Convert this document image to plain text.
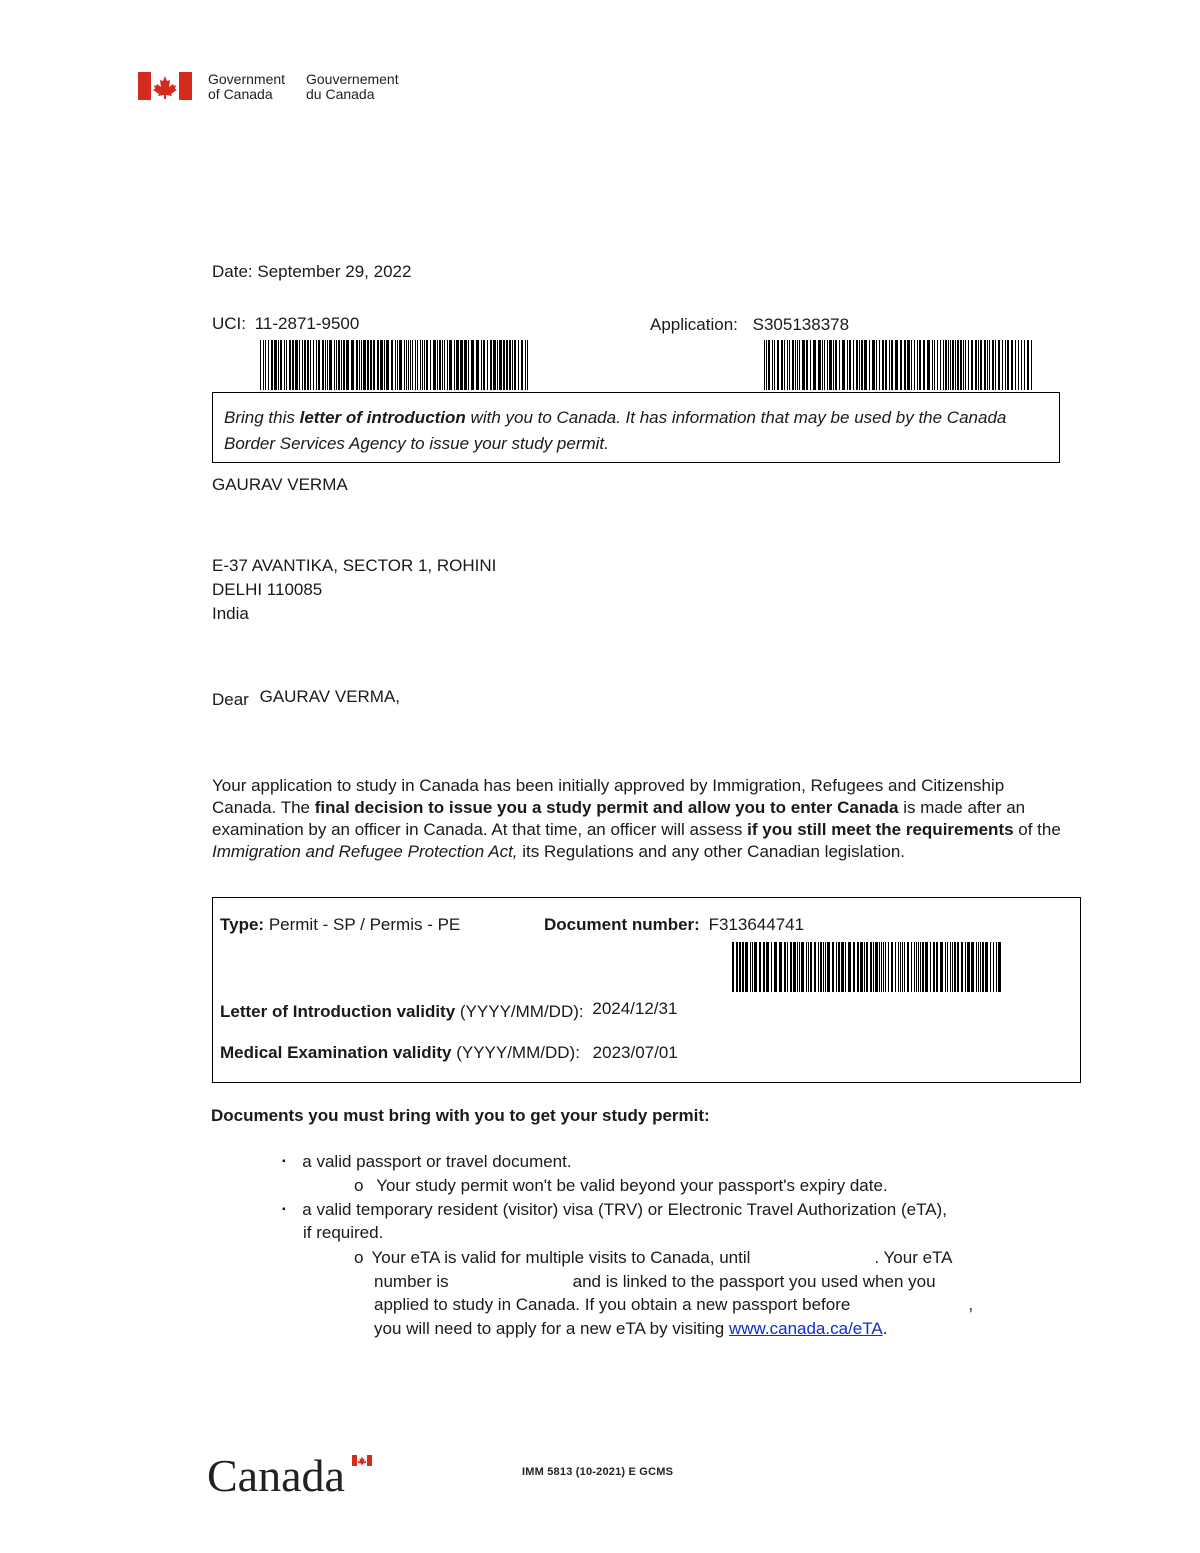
Government
of Canada
Gouvernement
du Canada
Date: September 29, 2022
UCI: 11-2871-9500	Application: S305138378
Bring this letter of introduction with you to Canada. It has information that may be used by the Canada Border Services Agency to issue your study permit.
GAURAV VERMA
E-37 AVANTIKA, SECTOR 1, ROHINI
DELHI 110085
India
Dear GAURAV VERMA,
Your application to study in Canada has been initially approved by Immigration, Refugees and Citizenship Canada. The final decision to issue you a study permit and allow you to enter Canada is made after an examination by an officer in Canada. At that time, an officer will assess if you still meet the requirements of the Immigration and Refugee Protection Act, its Regulations and any other Canadian legislation.
Type: Permit - SP / Permis - PE	Document number: F313644741
Letter of Introduction validity (YYYY/MM/DD): 2024/12/31
Medical Examination validity (YYYY/MM/DD): 2023/07/01
Documents you must bring with you to get your study permit:
▪ a valid passport or travel document.
o Your study permit won't be valid beyond your passport's expiry date.
▪ a valid temporary resident (visitor) visa (TRV) or Electronic Travel Authorization (eTA),
if required.
o Your eTA is valid for multiple visits to Canada, until	. Your eTA
number is	and is linked to the passport you used when you
applied to study in Canada. If you obtain a new passport before	,
you will need to apply for a new eTA by visiting www.canada.ca/eTA.
Canada	IMM 5813 (10-2021) E GCMS
